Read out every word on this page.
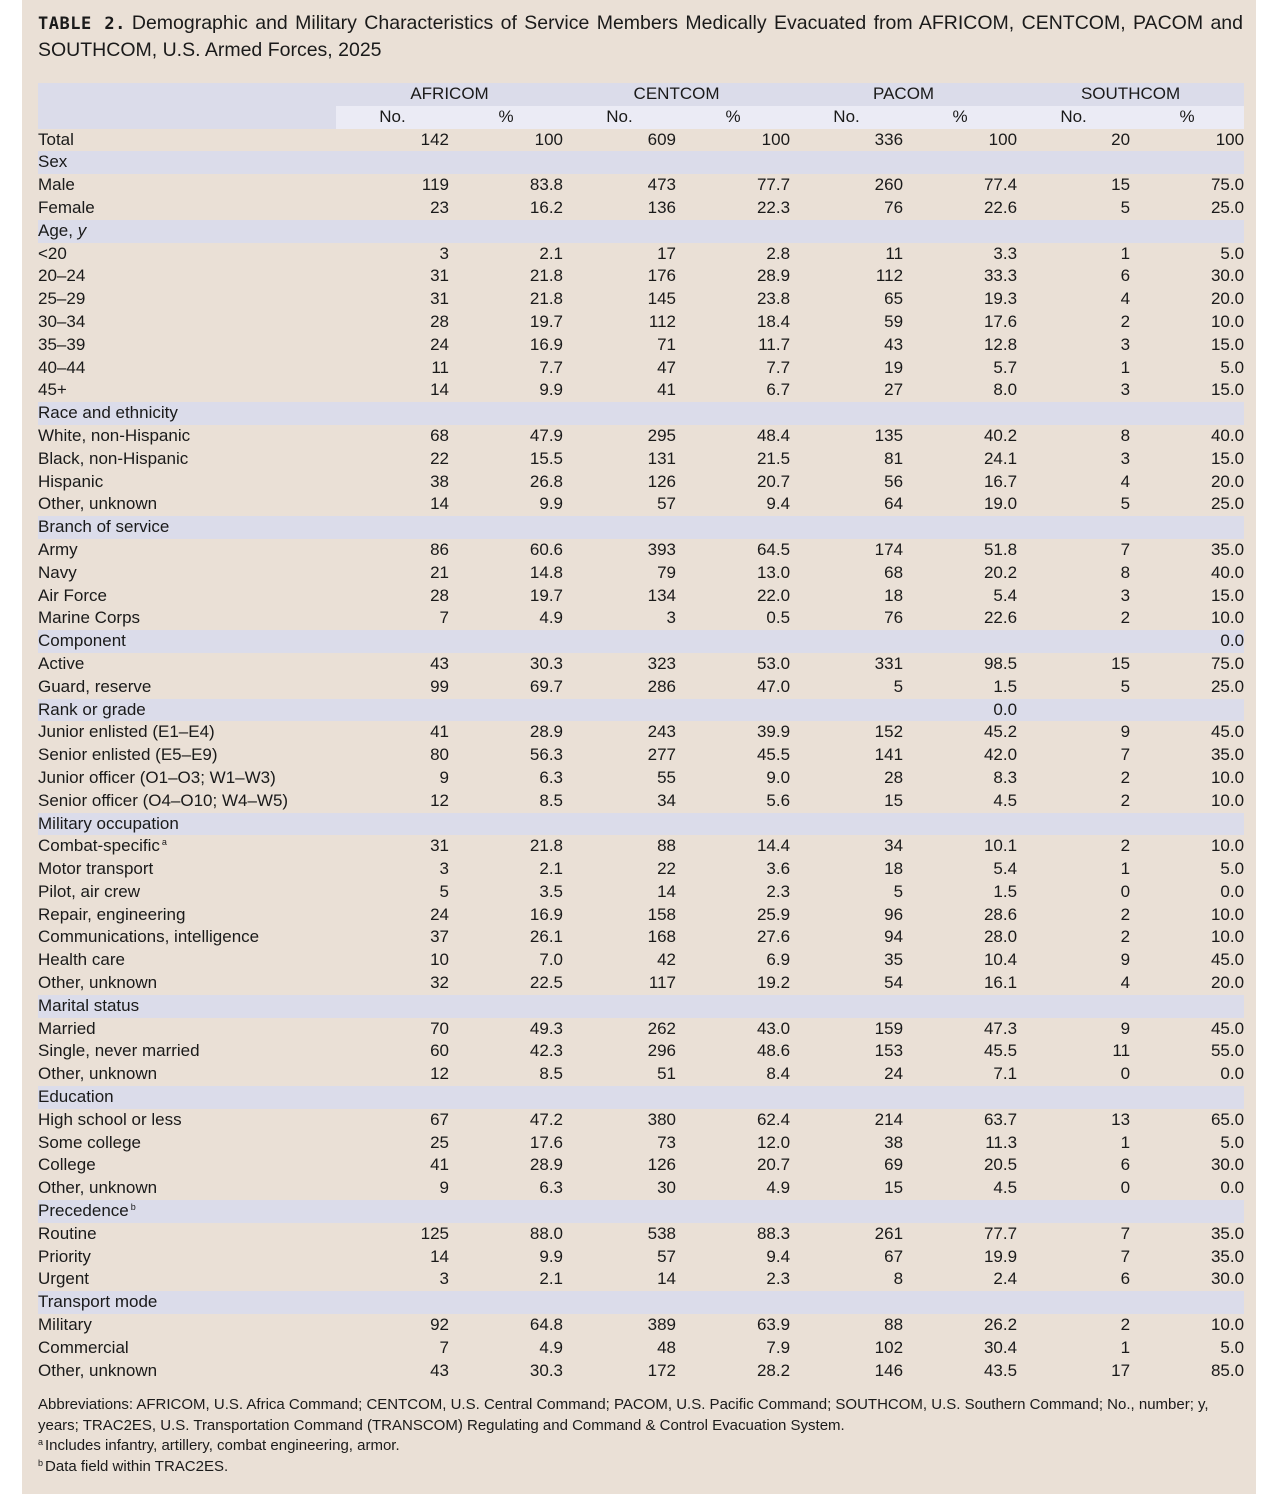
TABLE 2. Demographic and Military Characteristics of Service Members Medically Evacuated from AFRICOM, CENTCOM, PACOM and SOUTHCOM, U.S. Armed Forces, 2025
	AFRICOM		CENTCOM		PACOM		SOUTHCOM	
	No.	%	No.	%	No.	%	No.	%
Total	142	100	609	100	336	100	20	100
Sex								
Male	119	83.8	473	77.7	260	77.4	15	75.0
Female	23	16.2	136	22.3	76	22.6	5	25.0
Age, y								
<20	3	2.1	17	2.8	11	3.3	1	5.0
20–24	31	21.8	176	28.9	112	33.3	6	30.0
25–29	31	21.8	145	23.8	65	19.3	4	20.0
30–34	28	19.7	112	18.4	59	17.6	2	10.0
35–39	24	16.9	71	11.7	43	12.8	3	15.0
40–44	11	7.7	47	7.7	19	5.7	1	5.0
45+	14	9.9	41	6.7	27	8.0	3	15.0
Race and ethnicity								
White, non-Hispanic	68	47.9	295	48.4	135	40.2	8	40.0
Black, non-Hispanic	22	15.5	131	21.5	81	24.1	3	15.0
Hispanic	38	26.8	126	20.7	56	16.7	4	20.0
Other, unknown	14	9.9	57	9.4	64	19.0	5	25.0
Branch of service								
Army	86	60.6	393	64.5	174	51.8	7	35.0
Navy	21	14.8	79	13.0	68	20.2	8	40.0
Air Force	28	19.7	134	22.0	18	5.4	3	15.0
Marine Corps	7	4.9	3	0.5	76	22.6	2	10.0
Component								0.0
Active	43	30.3	323	53.0	331	98.5	15	75.0
Guard, reserve	99	69.7	286	47.0	5	1.5	5	25.0
Rank or grade						0.0		
Junior enlisted (E1–E4)	41	28.9	243	39.9	152	45.2	9	45.0
Senior enlisted (E5–E9)	80	56.3	277	45.5	141	42.0	7	35.0
Junior officer (O1–O3; W1–W3)	9	6.3	55	9.0	28	8.3	2	10.0
Senior officer (O4–O10; W4–W5)	12	8.5	34	5.6	15	4.5	2	10.0
Military occupation								
Combat-specific $^a$	31	21.8	88	14.4	34	10.1	2	10.0
Motor transport	3	2.1	22	3.6	18	5.4	1	5.0
Pilot, air crew	5	3.5	14	2.3	5	1.5	0	0.0
Repair, engineering	24	16.9	158	25.9	96	28.6	2	10.0
Communications, intelligence	37	26.1	168	27.6	94	28.0	2	10.0
Health care	10	7.0	42	6.9	35	10.4	9	45.0
Other, unknown	32	22.5	117	19.2	54	16.1	4	20.0
Marital status								
Married	70	49.3	262	43.0	159	47.3	9	45.0
Single, never married	60	42.3	296	48.6	153	45.5	11	55.0
Other, unknown	12	8.5	51	8.4	24	7.1	0	0.0
Education								
High school or less	67	47.2	380	62.4	214	63.7	13	65.0
Some college	25	17.6	73	12.0	38	11.3	1	5.0
College	41	28.9	126	20.7	69	20.5	6	30.0
Other, unknown	9	6.3	30	4.9	15	4.5	0	0.0
Precedence $^b$								
Routine	125	88.0	538	88.3	261	77.7	7	35.0
Priority	14	9.9	57	9.4	67	19.9	7	35.0
Urgent	3	2.1	14	2.3	8	2.4	6	30.0
Transport mode								
Military	92	64.8	389	63.9	88	26.2	2	10.0
Commercial	7	4.9	48	7.9	102	30.4	1	5.0
Other, unknown	43	30.3	172	28.2	146	43.5	17	85.0

Abbreviations: AFRICOM, U.S. Africa Command; CENTCOM, U.S. Central Command; PACOM, U.S. Pacific Command; SOUTHCOM, U.S. Southern Command; No., number; y, years; TRAC2ES, U.S. Transportation Command (TRANSCOM) Regulating and Command & Control Evacuation System.

$^a$ Includes infantry, artillery, combat engineering, armor.

$^b$ Data field within TRAC2ES.
